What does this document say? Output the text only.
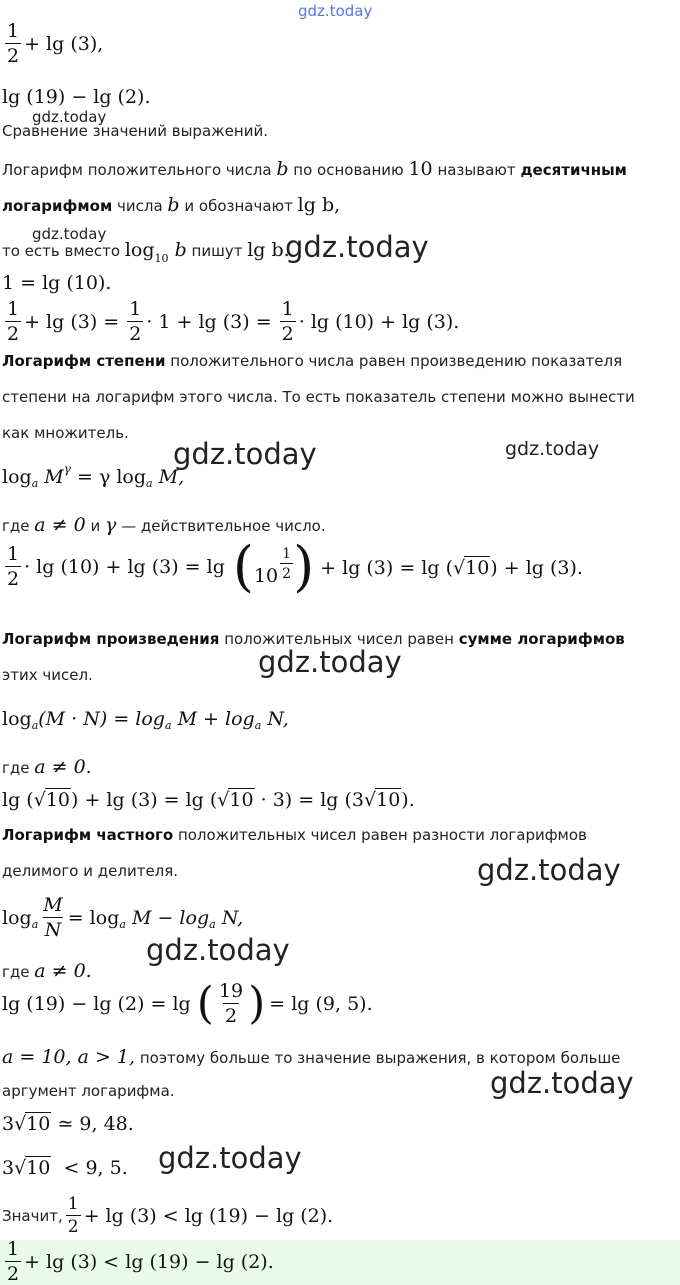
gdz.today
gdz.today
gdz.today	gdz.today
gdz.today	gdz.today
gdz.today
gdz.today
gdz.today
gdz.today
gdz.today
$\frac{1}{2} + \lg (3)$,
lg (19) − lg (2).
Сравнение значений выражений.
Логарифм положительного числа b по основанию 10 называют десятичным
логарифмом числа b и обозначают lg b,
то есть вместо $\log_{10} b$ пишут lg b.
1 = lg (10).
$\frac{1}{2} + \lg (3) = \frac{1}{2} \cdot 1 + \lg (3) = \frac{1}{2} \cdot \lg (10) + \lg (3)$.
Логарифм степени положительного числа равен произведению показателя
степени на логарифм этого числа. То есть показатель степени можно вынести
как множитель.
log a
M γ
= γ log a
M,
где a ≠ 0 и γ — действительное число.
$\frac{1}{2} \cdot \lg (10) + \lg (3) = \lg$ ( $10 \frac{1}{2}$ ) + lg (3) = lg (√10) + lg (3).
Логарифм произведения положительных чисел равен сумме логарифмов
этих чисел.
log a (M · N) = log a
M + log a
N,
где a ≠ 0.
lg (√10) + lg (3) = lg (√10 · 3) = lg (3√10).
Логарифм частного положительных чисел равен разности логарифмов
делимого и делителя.
log a $\frac{M}{N} = \log a$
M − log a
N,
где a ≠ 0.
lg (19) − lg (2) = lg ( $\frac{19}{2}$ ) = lg (9, 5).
a = 10, a > 1, поэтому больше то значение выражения, в котором больше
аргумент логарифма.
3 √ 10
≃ 9, 48.
3 √ 10
< 9, 5.
Значит, $\frac{1}{2} + \lg (3) < \lg (19) - \lg (2)$.
$\frac{1}{2} + \lg (3) < \lg (19) - \lg (2)$.
